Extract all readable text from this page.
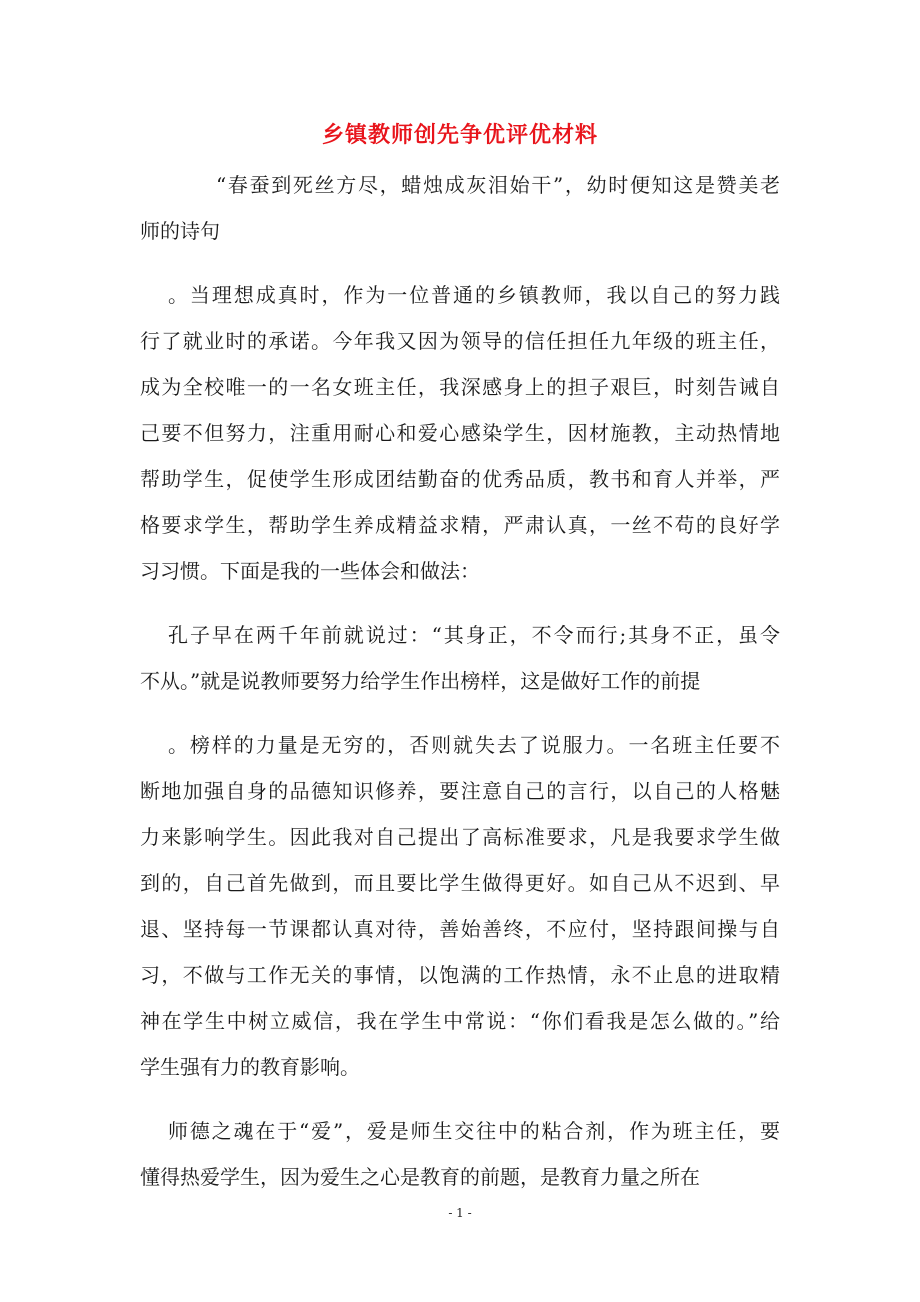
乡镇教师创先争优评优材料
“春蚕到死丝方尽，蜡烛成灰泪始干”，幼时便知这是赞美老
师的诗句
。当理想成真时，作为一位普通的乡镇教师，我以自己的努力践
行了就业时的承诺。今年我又因为领导的信任担任九年级的班主任，
成为全校唯一的一名女班主任，我深感身上的担子艰巨，时刻告诫自
己要不但努力，注重用耐心和爱心感染学生，因材施教，主动热情地
帮助学生，促使学生形成团结勤奋的优秀品质，教书和育人并举，严
格要求学生，帮助学生养成精益求精，严肃认真，一丝不苟的良好学
习习惯。下面是我的一些体会和做法：
孔子早在两千年前就说过：“其身正，不令而行;其身不正，虽令
不从。”就是说教师要努力给学生作出榜样，这是做好工作的前提
。榜样的力量是无穷的，否则就失去了说服力。一名班主任要不
断地加强自身的品德知识修养，要注意自己的言行，以自己的人格魅
力来影响学生。因此我对自己提出了高标准要求，凡是我要求学生做
到的，自己首先做到，而且要比学生做得更好。如自己从不迟到、早
退、坚持每一节课都认真对待，善始善终，不应付，坚持跟间操与自
习，不做与工作无关的事情，以饱满的工作热情，永不止息的进取精
神在学生中树立威信，我在学生中常说：“你们看我是怎么做的。”给
学生强有力的教育影响。
师德之魂在于“爱”，爱是师生交往中的粘合剂，作为班主任，要
懂得热爱学生，因为爱生之心是教育的前题，是教育力量之所在
- 1 -
